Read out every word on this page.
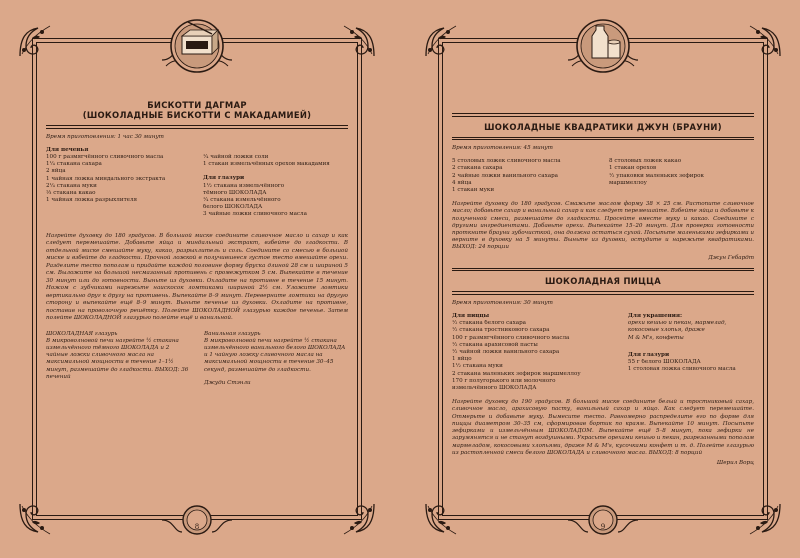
8
БИСКОТТИ ДАГМАР
(ШОКОЛАДНЫЕ БИСКОТТИ С МАКАДАМИЕЙ)
Время приготовления: 1 час 30 минут
Для печенья
100 г размягчённого сливочного масла
1¼ стакана сахара
2 яйца
1 чайная ложка миндального экстракта
2¼ стакана муки
⅓ стакана какао
1 чайная ложка разрыхлителя
¼ чайной ложки соли
1 стакан измельчённых орехов макадамия
Для глазури
1½ стакана измельчённого
тёмного ШОКОЛАДА
¼ стакана измельчённого
белого ШОКОЛАДА
3 чайные ложки сливочного масла
Нагрейте духовку до 180 градусов. В большой миске соедините сливочное масло и сахар и как следует перемешайте. Добавьте яйца и миндальный экстракт, взбейте до гладкости. В отдельной миске смешайте муку, какао, разрыхлитель и соль. Соедините со смесью в большой миске и взбейте до гладкости. Прочной ложкой в получившееся густое тесто вмешайте орехи. Разделите тесто пополам и придайте каждой половине форму бруска длиной 28 см и шириной 5 см. Выложите на большой несмазанный противень с промежутком 5 см. Выпекайте в течение 30 минут или до готовности. Выньте из духовки. Охладите на противне в течение 15 минут. Ножом с зубчиками нарежьте наискосок ломтиками шириной 2½ см. Уложите ломтики вертикально друг к другу на противень. Выпекайте 8–9 минут. Переверните ломтики на другую сторону и выпекайте ещё 8–9 минут. Выньте печенье из духовки. Охладите на противне, поставив на проволочную решётку. Полейте ШОКОЛАДНОЙ глазурью каждое печенье. Затем полейте ШОКОЛАДНОЙ глазурью полейте ещё и ванильной.
ШОКОЛАДНАЯ глазурь
В микроволновой печи нагрейте ½ стакана измельчённого тёмного ШОКОЛАДА и 2 чайные ложки сливочного масла на максимальной мощности в течение 1–1½ минут, размешайте до гладкости. ВЫХОД: 36 печений
Ванильная глазурь
В микроволновой печи нагрейте ½ стакана измельчённого ванильного белого ШОКОЛАДА и 1 чайную ложку сливочного масла на максимальной мощности в течение 30–45 секунд, размешайте до гладкости.
Джуди Стэнли
9
ШОКОЛАДНЫЕ КВАДРАТИКИ ДЖУН (БРАУНИ)
Время приготовления: 45 минут
5 столовых ложек сливочного масла
2 стакана сахара
2 чайные ложки ванильного сахара
4 яйца
1 стакан муки
8 столовых ложек какао
1 стакан орехов
½ упаковки маленьких зефирок
маршмеллоу
Нагрейте духовку до 180 градусов. Смажьте маслом форму 38 × 25 см. Растопите сливочное масло; добавьте сахар и ванильный сахар и как следует перемешайте. Взбейте яйца и добавьте к полученной смеси, размешайте до гладкости. Просейте вместе муку и какао. Соедините с другими ингредиентами. Добавьте орехи. Выпекайте 15–20 минут. Для проверки готовности проткните брауни зубочисткой, она должна остаться сухой. Посыпьте маленькими зефирками и верните в духовку на 5 минуты. Выньте из духовки, остудите и нарежьте квадратиками. ВЫХОД: 24 порции
Джун Гебардт
ШОКОЛАДНАЯ ПИЦЦА
Время приготовления: 30 минут
Для пиццы
½ стакана белого сахара
½ стакана тростникового сахара
100 г размягчённого сливочного масла
½ стакана арахисовой пасты
½ чайной ложки ванильного сахара
1 яйцо
1½ стакана муки
2 стакана маленьких зефирок маршмеллоу
170 г полугорького или молочного
измельчённого ШОКОЛАДА
Для украшения:
орехи кешью и пекан, мармелад,
кокосовые хлопья, драже
M & M's, конфеты
Для глазури
55 г белого ШОКОЛАДА
1 столовая ложка сливочного масла
Нагрейте духовку до 190 градусов. В большой миске соедините белый и тростниковый сахар, сливочное масло, арахисовую пасту, ванильный сахар и яйцо. Как следует перемешайте. Отмерьте и добавьте муку. Вымесите тесто. Равномерно распределите его по форме для пиццы диаметром 30–35 см, сформировав бортик по краям. Выпекайте 10 минут. Посыпьте зефирками и измельчённым ШОКОЛАДОМ. Выпекайте ещё 5–8 минут, пока зефирки не зарумянятся и не станут воздушными. Украсьте орехами кешью и пекан, разрезанными пополам мармеладом, кокосовыми хлопьями, драже M & M's, кусочками конфет и т. д. Полейте глазурью из растопленной смеси белого ШОКОЛАДА и сливочного масла. ВЫХОД: 8 порций
Шерил Ворц
